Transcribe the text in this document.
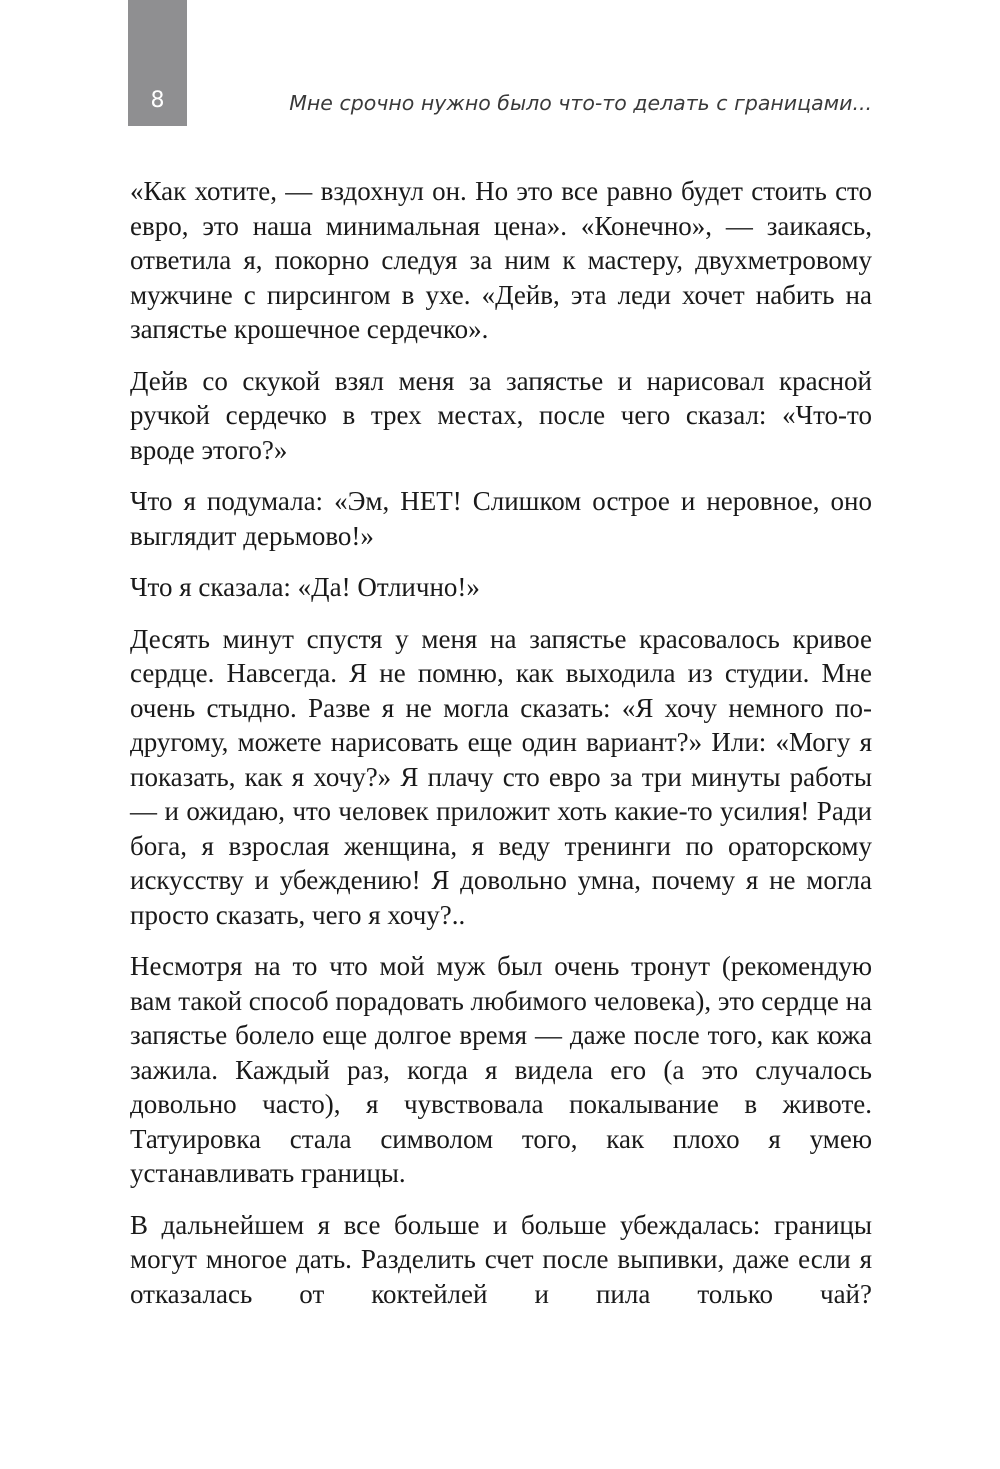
8	Мне срочно нужно было что-то делать с границами...

«Как хотите, — вздохнул он. Но это все равно будет стоить сто евро, это наша минимальная цена». «Конечно», — заикаясь, ответила я, покорно следуя за ним к мастеру, двухметровому мужчине с пирсингом в ухе. «Дейв, эта леди хочет набить на запястье крошечное сердечко».

Дейв со скукой взял меня за запястье и нарисовал красной ручкой сердечко в трех местах, после чего сказал: «Что-то вроде этого?»

Что я подумала: «Эм, НЕТ! Слишком острое и неровное, оно выглядит дерьмово!»

Что я сказала: «Да! Отлично!»

Десять минут спустя у меня на запястье красовалось кривое сердце. Навсегда. Я не помню, как выходила из студии. Мне очень стыдно. Разве я не могла сказать: «Я хочу немного по-другому, можете нарисовать еще один вариант?» Или: «Могу я показать, как я хочу?» Я плачу сто евро за три минуты работы — и ожидаю, что человек приложит хоть какие-то усилия! Ради бога, я взрослая женщина, я веду тренинги по ораторскому искусству и убеждению! Я довольно умна, почему я не могла просто сказать, чего я хочу?..

Несмотря на то что мой муж был очень тронут (рекомендую вам такой способ порадовать любимого человека), это сердце на запястье болело еще долгое время — даже после того, как кожа зажила. Каждый раз, когда я видела его (а это случалось довольно часто), я чувствовала покалывание в животе. Татуировка стала символом того, как плохо я умею устанавливать границы.

В дальнейшем я все больше и больше убеждалась: границы могут многое дать. Разделить счет после выпивки, даже если я отказалась от коктейлей и пила только чай?
